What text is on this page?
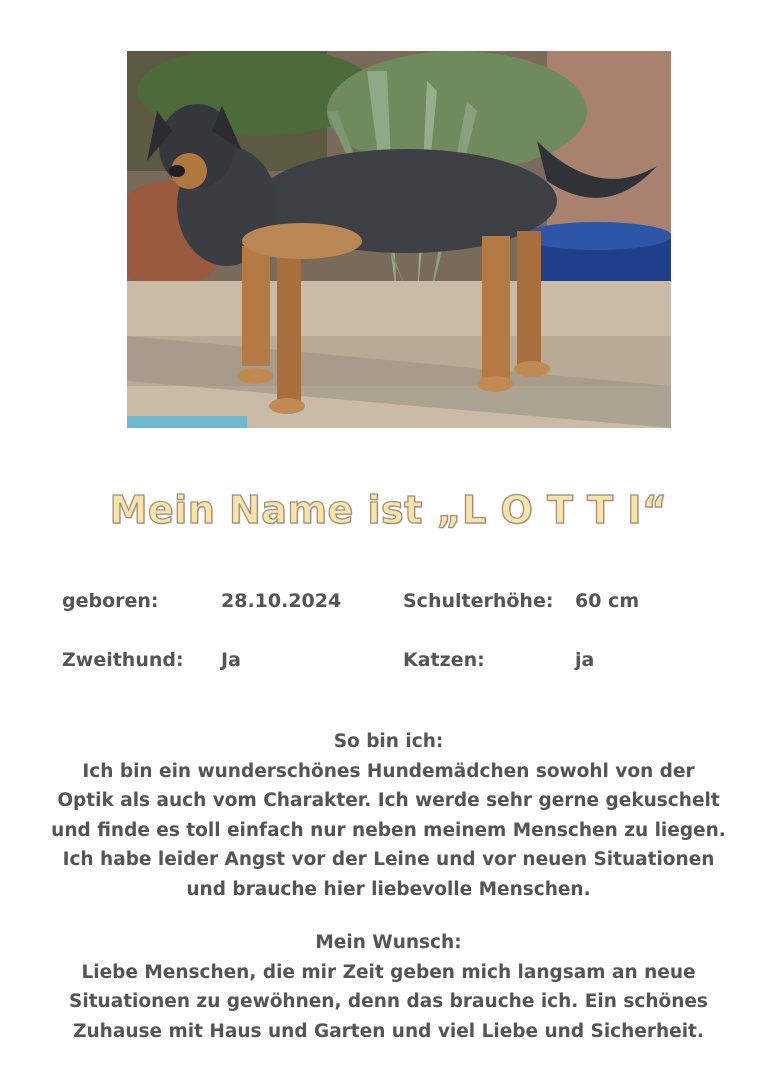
Mein Name ist „L O T T I“
geboren:	28.10.2024	Schulterhöhe: 60 cm
Zweithund: Ja	Katzen:	ja

So bin ich:

Ich bin ein wunderschönes Hundemädchen sowohl von der

Optik als auch vom Charakter. Ich werde sehr gerne gekuschelt

und finde es toll einfach nur neben meinem Menschen zu liegen.

Ich habe leider Angst vor der Leine und vor neuen Situationen

und brauche hier liebevolle Menschen.

Mein Wunsch:

Liebe Menschen, die mir Zeit geben mich langsam an neue

Situationen zu gewöhnen, denn das brauche ich. Ein schönes

Zuhause mit Haus und Garten und viel Liebe und Sicherheit.
